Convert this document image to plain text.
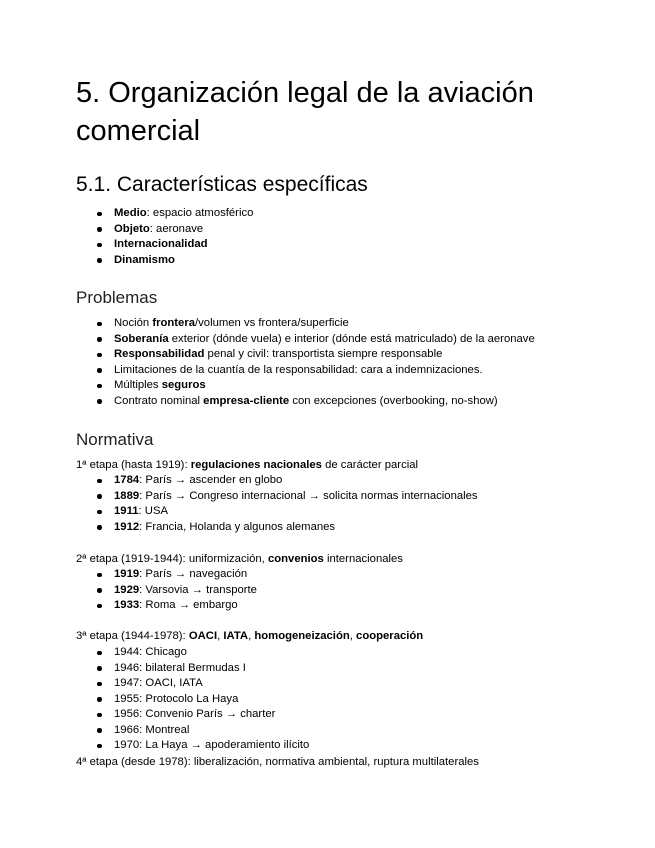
5. Organización legal de la aviación comercial
5.1. Características específicas
Medio: espacio atmosférico
Objeto: aeronave
Internacionalidad
Dinamismo
Problemas
Noción frontera/volumen vs frontera/superficie
Soberanía exterior (dónde vuela) e interior (dónde está matriculado) de la aeronave
Responsabilidad penal y civil: transportista siempre responsable
Limitaciones de la cuantía de la responsabilidad: cara a indemnizaciones.
Múltiples seguros
Contrato nominal empresa-cliente con excepciones (overbooking, no-show)
Normativa
1ª etapa (hasta 1919): regulaciones nacionales de carácter parcial
1784: París → ascender en globo
1889: París → Congreso internacional → solicita normas internacionales
1911: USA
1912: Francia, Holanda y algunos alemanes
2ª etapa (1919-1944): uniformización, convenios internacionales
1919: París → navegación
1929: Varsovia → transporte
1933: Roma → embargo
3ª etapa (1944-1978): OACI, IATA, homogeneización, cooperación
1944: Chicago
1946: bilateral Bermudas I
1947: OACI, IATA
1955: Protocolo La Haya
1956: Convenio París → charter
1966: Montreal
1970: La Haya → apoderamiento ilícito
4ª etapa (desde 1978): liberalización, normativa ambiental, ruptura multilaterales
